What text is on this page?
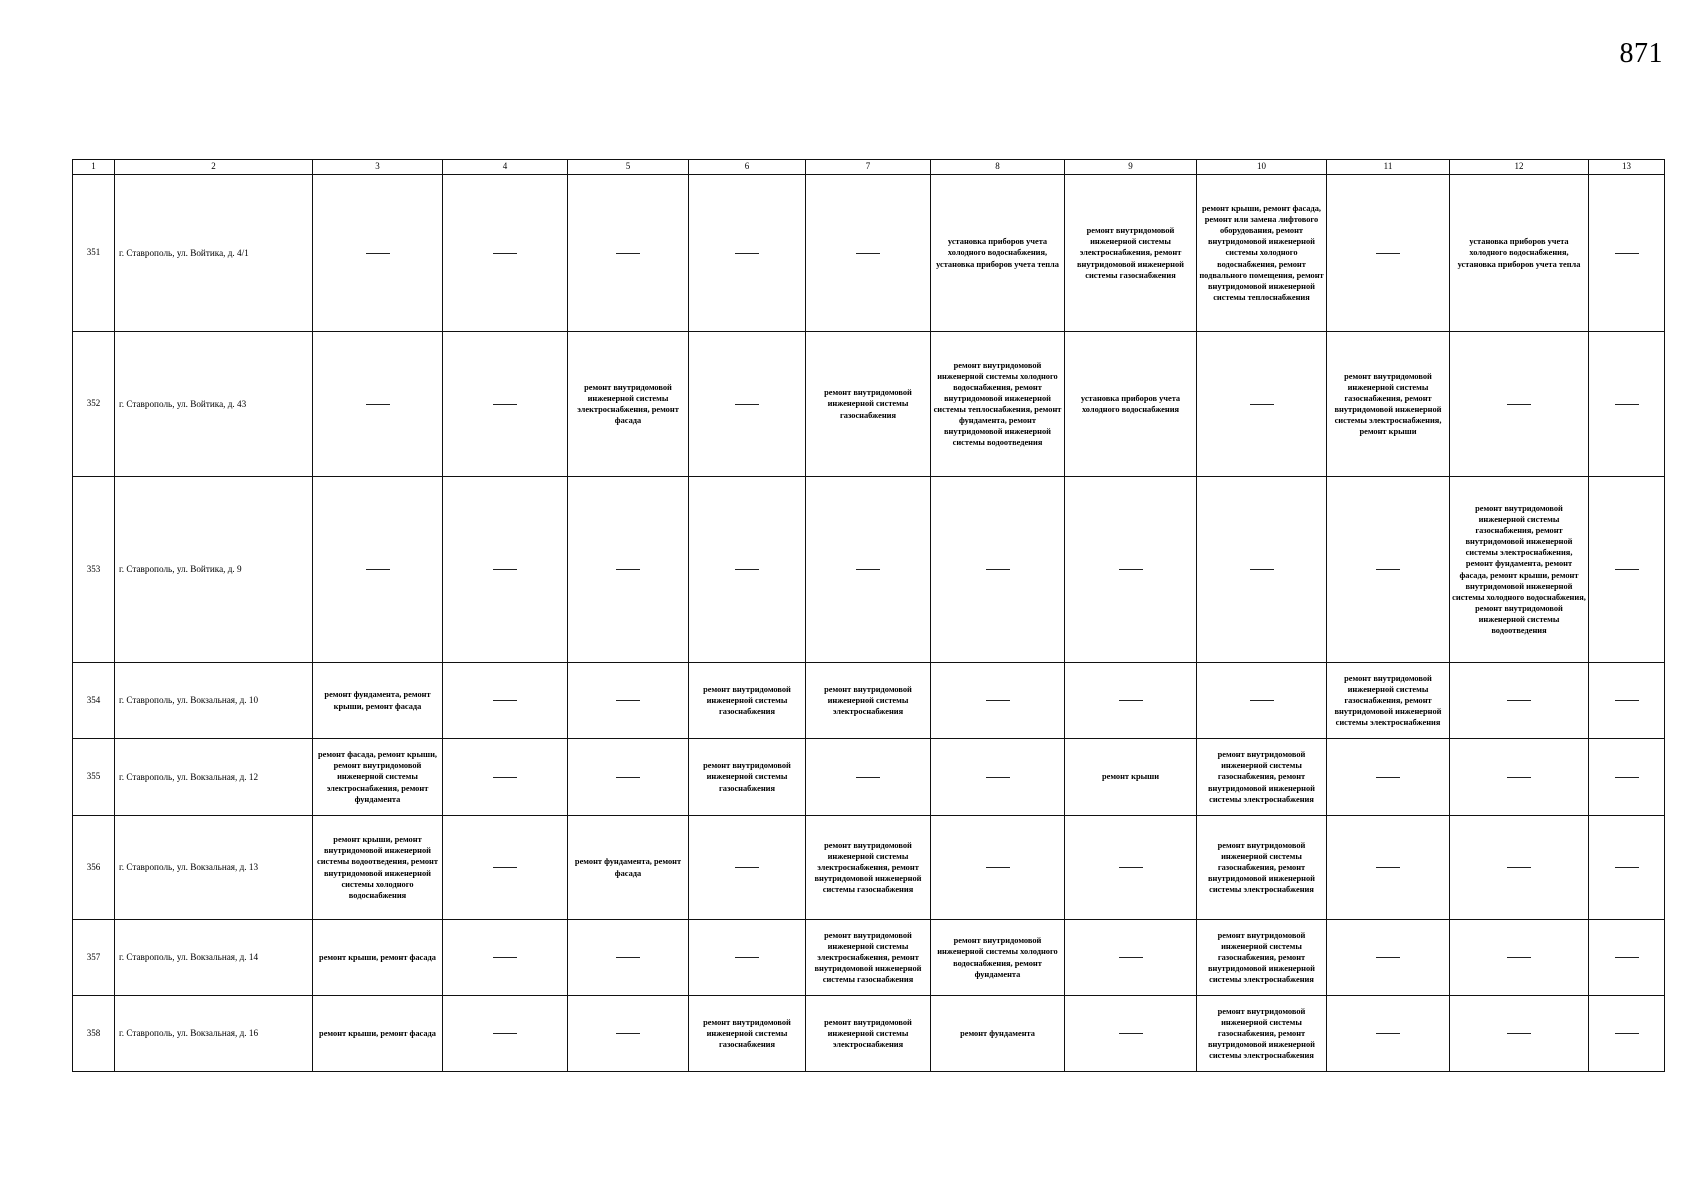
871
1	2	3	4	5	6	7	8	9	10	11	12	13
351	г. Ставрополь, ул. Войтика, д. 4/1						установка приборов учета холодного водоснабжения, установка приборов учета тепла	ремонт внутридомовой инженерной системы электроснабжения, ремонт внутридомовой инженерной системы газоснабжения	ремонт крыши, ремонт фасада, ремонт или замена лифтового оборудования, ремонт внутридомовой инженерной системы холодного водоснабжения, ремонт подвального помещения, ремонт внутридомовой инженерной системы теплоснабжения		установка приборов учета холодного водоснабжения, установка приборов учета тепла	
352	г. Ставрополь, ул. Войтика, д. 43			ремонт внутридомовой инженерной системы электроснабжения, ремонт фасада		ремонт внутридомовой инженерной системы газоснабжения	ремонт внутридомовой инженерной системы холодного водоснабжения, ремонт внутридомовой инженерной системы теплоснабжения, ремонт фундамента, ремонт внутридомовой инженерной системы водоотведения	установка приборов учета холодного водоснабжения		ремонт внутридомовой инженерной системы газоснабжения, ремонт внутридомовой инженерной системы электроснабжения, ремонт крыши		
353	г. Ставрополь, ул. Войтика, д. 9										ремонт внутридомовой инженерной системы газоснабжения, ремонт внутридомовой инженерной системы электроснабжения, ремонт фундамента, ремонт фасада, ремонт крыши, ремонт внутридомовой инженерной системы холодного водоснабжения, ремонт внутридомовой инженерной системы водоотведения	
354	г. Ставрополь, ул. Вокзальная, д. 10	ремонт фундамента, ремонт крыши, ремонт фасада			ремонт внутридомовой инженерной системы газоснабжения	ремонт внутридомовой инженерной системы электроснабжения				ремонт внутридомовой инженерной системы газоснабжения, ремонт внутридомовой инженерной системы электроснабжения		
355	г. Ставрополь, ул. Вокзальная, д. 12	ремонт фасада, ремонт крыши, ремонт внутридомовой инженерной системы электроснабжения, ремонт фундамента			ремонт внутридомовой инженерной системы газоснабжения			ремонт крыши	ремонт внутридомовой инженерной системы газоснабжения, ремонт внутридомовой инженерной системы электроснабжения			
356	г. Ставрополь, ул. Вокзальная, д. 13	ремонт крыши, ремонт внутридомовой инженерной системы водоотведения, ремонт внутридомовой инженерной системы холодного водоснабжения		ремонт фундамента, ремонт фасада		ремонт внутридомовой инженерной системы электроснабжения, ремонт внутридомовой инженерной системы газоснабжения			ремонт внутридомовой инженерной системы газоснабжения, ремонт внутридомовой инженерной системы электроснабжения			
357	г. Ставрополь, ул. Вокзальная, д. 14	ремонт крыши, ремонт фасада				ремонт внутридомовой инженерной системы электроснабжения, ремонт внутридомовой инженерной системы газоснабжения	ремонт внутридомовой инженерной системы холодного водоснабжения, ремонт фундамента		ремонт внутридомовой инженерной системы газоснабжения, ремонт внутридомовой инженерной системы электроснабжения			
358	г. Ставрополь, ул. Вокзальная, д. 16	ремонт крыши, ремонт фасада			ремонт внутридомовой инженерной системы газоснабжения	ремонт внутридомовой инженерной системы электроснабжения	ремонт фундамента		ремонт внутридомовой инженерной системы газоснабжения, ремонт внутридомовой инженерной системы электроснабжения			
